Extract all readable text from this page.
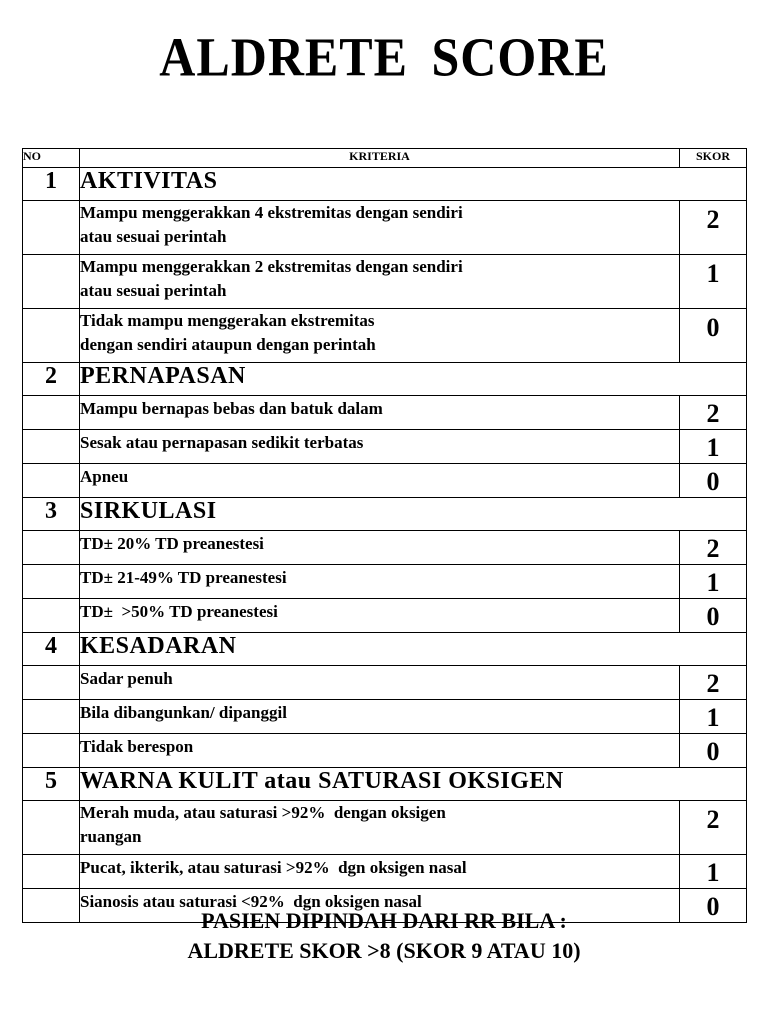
ALDRETE SCORE
NO	KRITERIA	SKOR
1	AKTIVITAS	

	Mampu menggerakkan 4 ekstremitas dengan sendiri
atau sesuai perintah	2

	Mampu menggerakkan 2 ekstremitas dengan sendiri
atau sesuai perintah	1

	Tidak mampu menggerakan ekstremitas
dengan sendiri ataupun dengan perintah	0
2	PERNAPASAN	

	Mampu bernapas bebas dan batuk dalam	2

	Sesak atau pernapasan sedikit terbatas	1

	Apneu	0
3	SIRKULASI	

	TD± 20% TD preanestesi	2

	TD± 21-49% TD preanestesi	1

	TD±  >50% TD preanestesi	0
4	KESADARAN	

	Sadar penuh	2

	Bila dibangunkan/ dipanggil	1

	Tidak berespon	0
5	WARNA KULIT atau SATURASI OKSIGEN	

	Merah muda, atau saturasi >92%  dengan oksigen
ruangan	2

	Pucat, ikterik, atau saturasi >92%  dgn oksigen nasal	1

	Sianosis atau saturasi <92%  dgn oksigen nasal	0
PASIEN DIPINDAH DARI RR BILA :
ALDRETE SKOR >8 (SKOR 9 ATAU 10)
